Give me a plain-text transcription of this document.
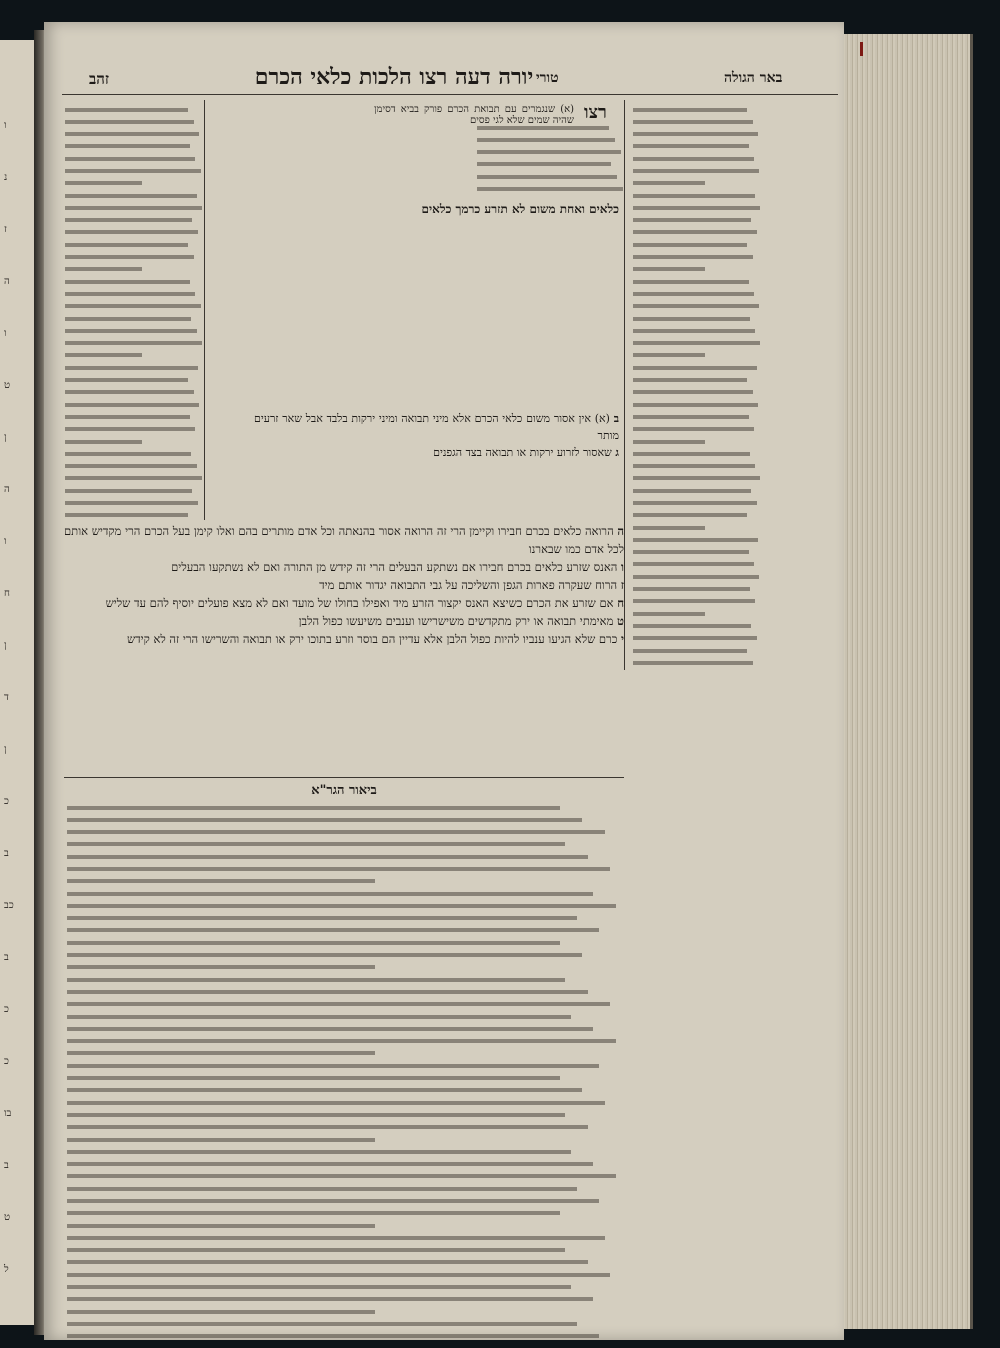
ו
נ
ז
ה
ו
ט
ן
ה
ו
ח
ן
ד
ן
כ
ב
כב
ב
כ
כ
בו
ב
ט
ל
זהב	יורה דעה רצו הלכות כלאי הכרם טורי	באר הגולה
רצו
(א) שנגמרים עם תבואת הכרם פורק בביא דסימן שהיה שמים שלא לגי פסים
כלאים ואחת משום לא תזרע כרמך כלאים
ה הרואה כלאים בכרם חבירו וקיימן הרי זה הרואה אסור בהנאתה וכל אדם מותרים בהם ואלו קימן בעל הכרם הרי מקדיש אותם לכל אדם כמו שבארנו
ו האנס שזרע כלאים בכרם חבירו אם נשתקע הבעלים הרי זה קידש מן התורה ואם לא נשתקעו הבעלים
ז הרוח שעקרה פארות הגפן והשליכה על גבי התבואה יגדור אותם מיד
ח אם שזרע את הכרם כשיצא האנס יקצור הזרע מיד ואפילו בחולו של מועד ואם לא מצא פועלים יוסיף להם עד שליש
ט מאימתי תבואה או ירק מתקדשים משישרישו וענבים משיעשו כפול הלבן
י כרם שלא הגיעו ענביו להיות כפול הלבן אלא עדיין הם בוסר וזרע בתוכו ירק או תבואה והשרישו הרי זה לא קידש
ב (א) אין אסור משום כלאי הכרם אלא מיני תבואה ומיני ירקות בלבד אבל שאר זרעים מותר
ג שאסור לזרוע ירקות או תבואה בצד הגפנים
ביאור הגר"א
